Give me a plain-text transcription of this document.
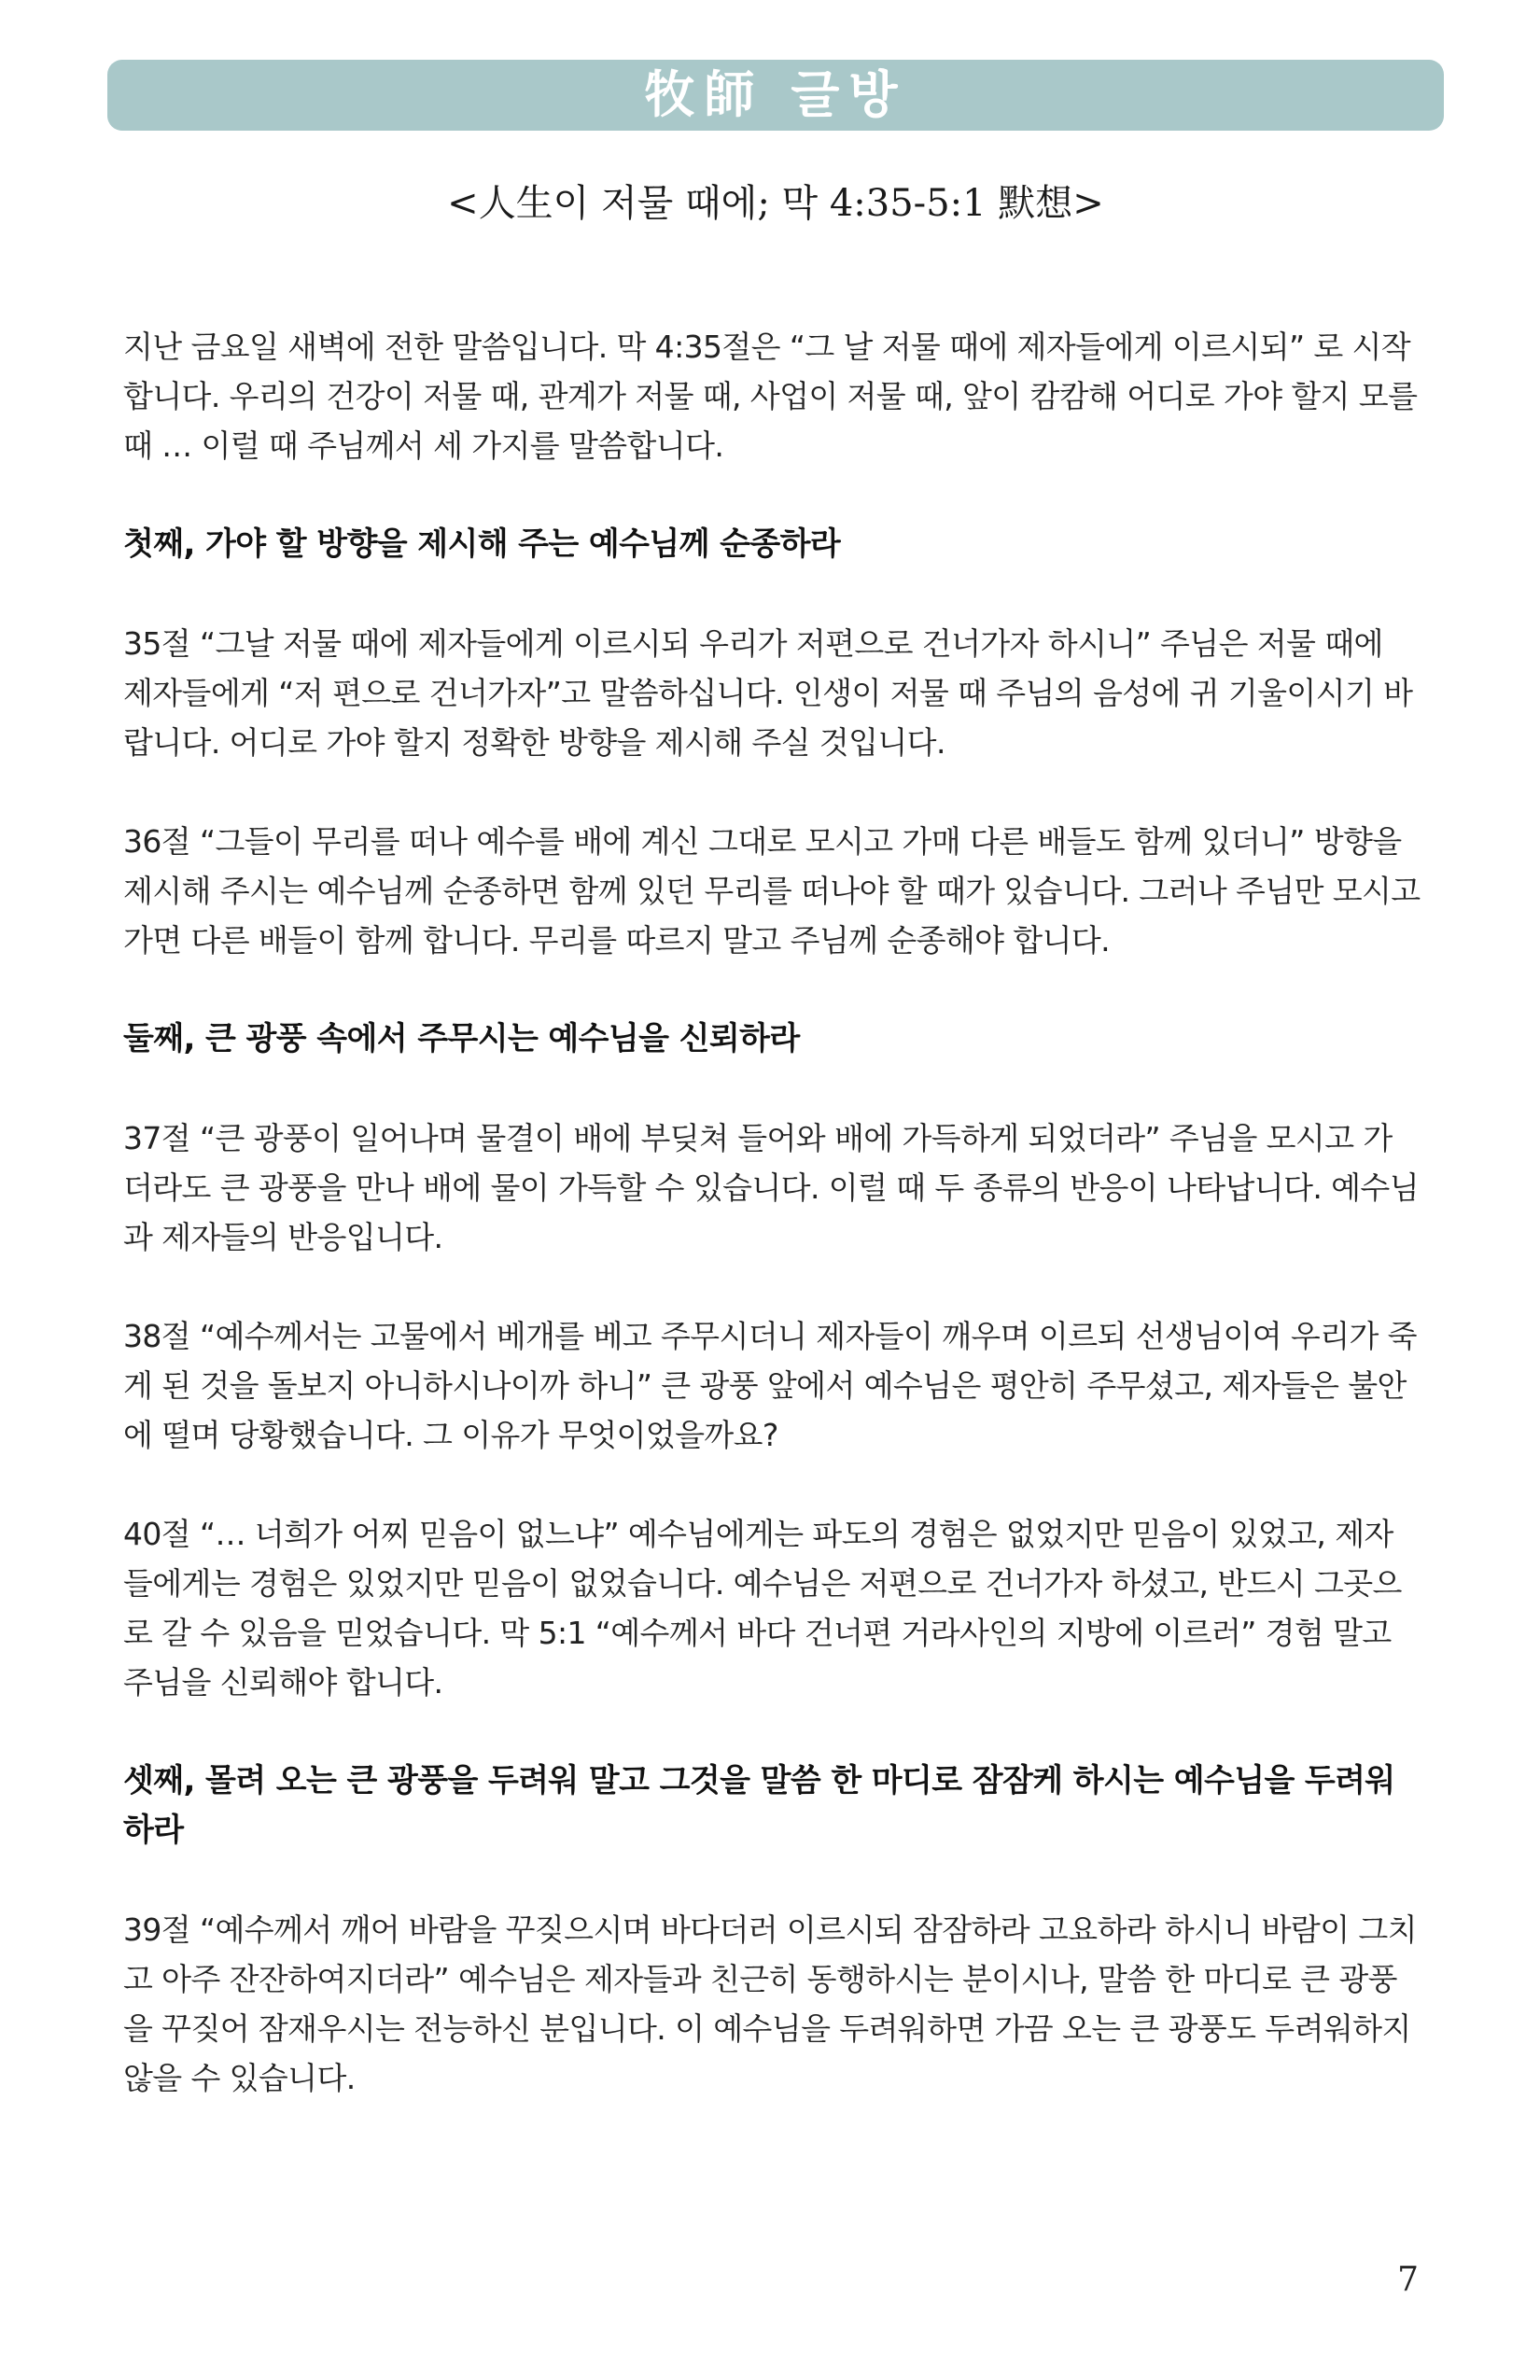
牧師 글방
<人生이 저물 때에; 막 4:35-5:1 默想>

지난 금요일 새벽에 전한 말씀입니다. 막 4:35절은 “그 날 저물 때에 제자들에게 이르시되” 로 시작합니다. 우리의 건강이 저물 때, 관계가 저물 때, 사업이 저물 때, 앞이 캄캄해 어디로 가야 할지 모를 때 … 이럴 때 주님께서 세 가지를 말씀합니다.

첫째, 가야 할 방향을 제시해 주는 예수님께 순종하라

35절 “그날 저물 때에 제자들에게 이르시되 우리가 저편으로 건너가자 하시니” 주님은 저물 때에 제자들에게 “저 편으로 건너가자”고 말씀하십니다. 인생이 저물 때 주님의 음성에 귀 기울이시기 바랍니다. 어디로 가야 할지 정확한 방향을 제시해 주실 것입니다.

36절 “그들이 무리를 떠나 예수를 배에 계신 그대로 모시고 가매 다른 배들도 함께 있더니” 방향을 제시해 주시는 예수님께 순종하면 함께 있던 무리를 떠나야 할 때가 있습니다. 그러나 주님만 모시고 가면 다른 배들이 함께 합니다. 무리를 따르지 말고 주님께 순종해야 합니다.

둘째, 큰 광풍 속에서 주무시는 예수님을 신뢰하라

37절 “큰 광풍이 일어나며 물결이 배에 부딪쳐 들어와 배에 가득하게 되었더라” 주님을 모시고 가더라도 큰 광풍을 만나 배에 물이 가득할 수 있습니다. 이럴 때 두 종류의 반응이 나타납니다. 예수님과 제자들의 반응입니다.

38절 “예수께서는 고물에서 베개를 베고 주무시더니 제자들이 깨우며 이르되 선생님이여 우리가 죽게 된 것을 돌보지 아니하시나이까 하니” 큰 광풍 앞에서 예수님은 평안히 주무셨고, 제자들은 불안에 떨며 당황했습니다. 그 이유가 무엇이었을까요?

40절 “… 너희가 어찌 믿음이 없느냐” 예수님에게는 파도의 경험은 없었지만 믿음이 있었고, 제자들에게는 경험은 있었지만 믿음이 없었습니다. 예수님은 저편으로 건너가자 하셨고, 반드시 그곳으로 갈 수 있음을 믿었습니다. 막 5:1 “예수께서 바다 건너편 거라사인의 지방에 이르러” 경험 말고 주님을 신뢰해야 합니다.

셋째, 몰려 오는 큰 광풍을 두려워 말고 그것을 말씀 한 마디로 잠잠케 하시는 예수님을 두려워하라

39절 “예수께서 깨어 바람을 꾸짖으시며 바다더러 이르시되 잠잠하라 고요하라 하시니 바람이 그치고 아주 잔잔하여지더라” 예수님은 제자들과 친근히 동행하시는 분이시나, 말씀 한 마디로 큰 광풍을 꾸짖어 잠재우시는 전능하신 분입니다. 이 예수님을 두려워하면 가끔 오는 큰 광풍도 두려워하지 않을 수 있습니다.

7
